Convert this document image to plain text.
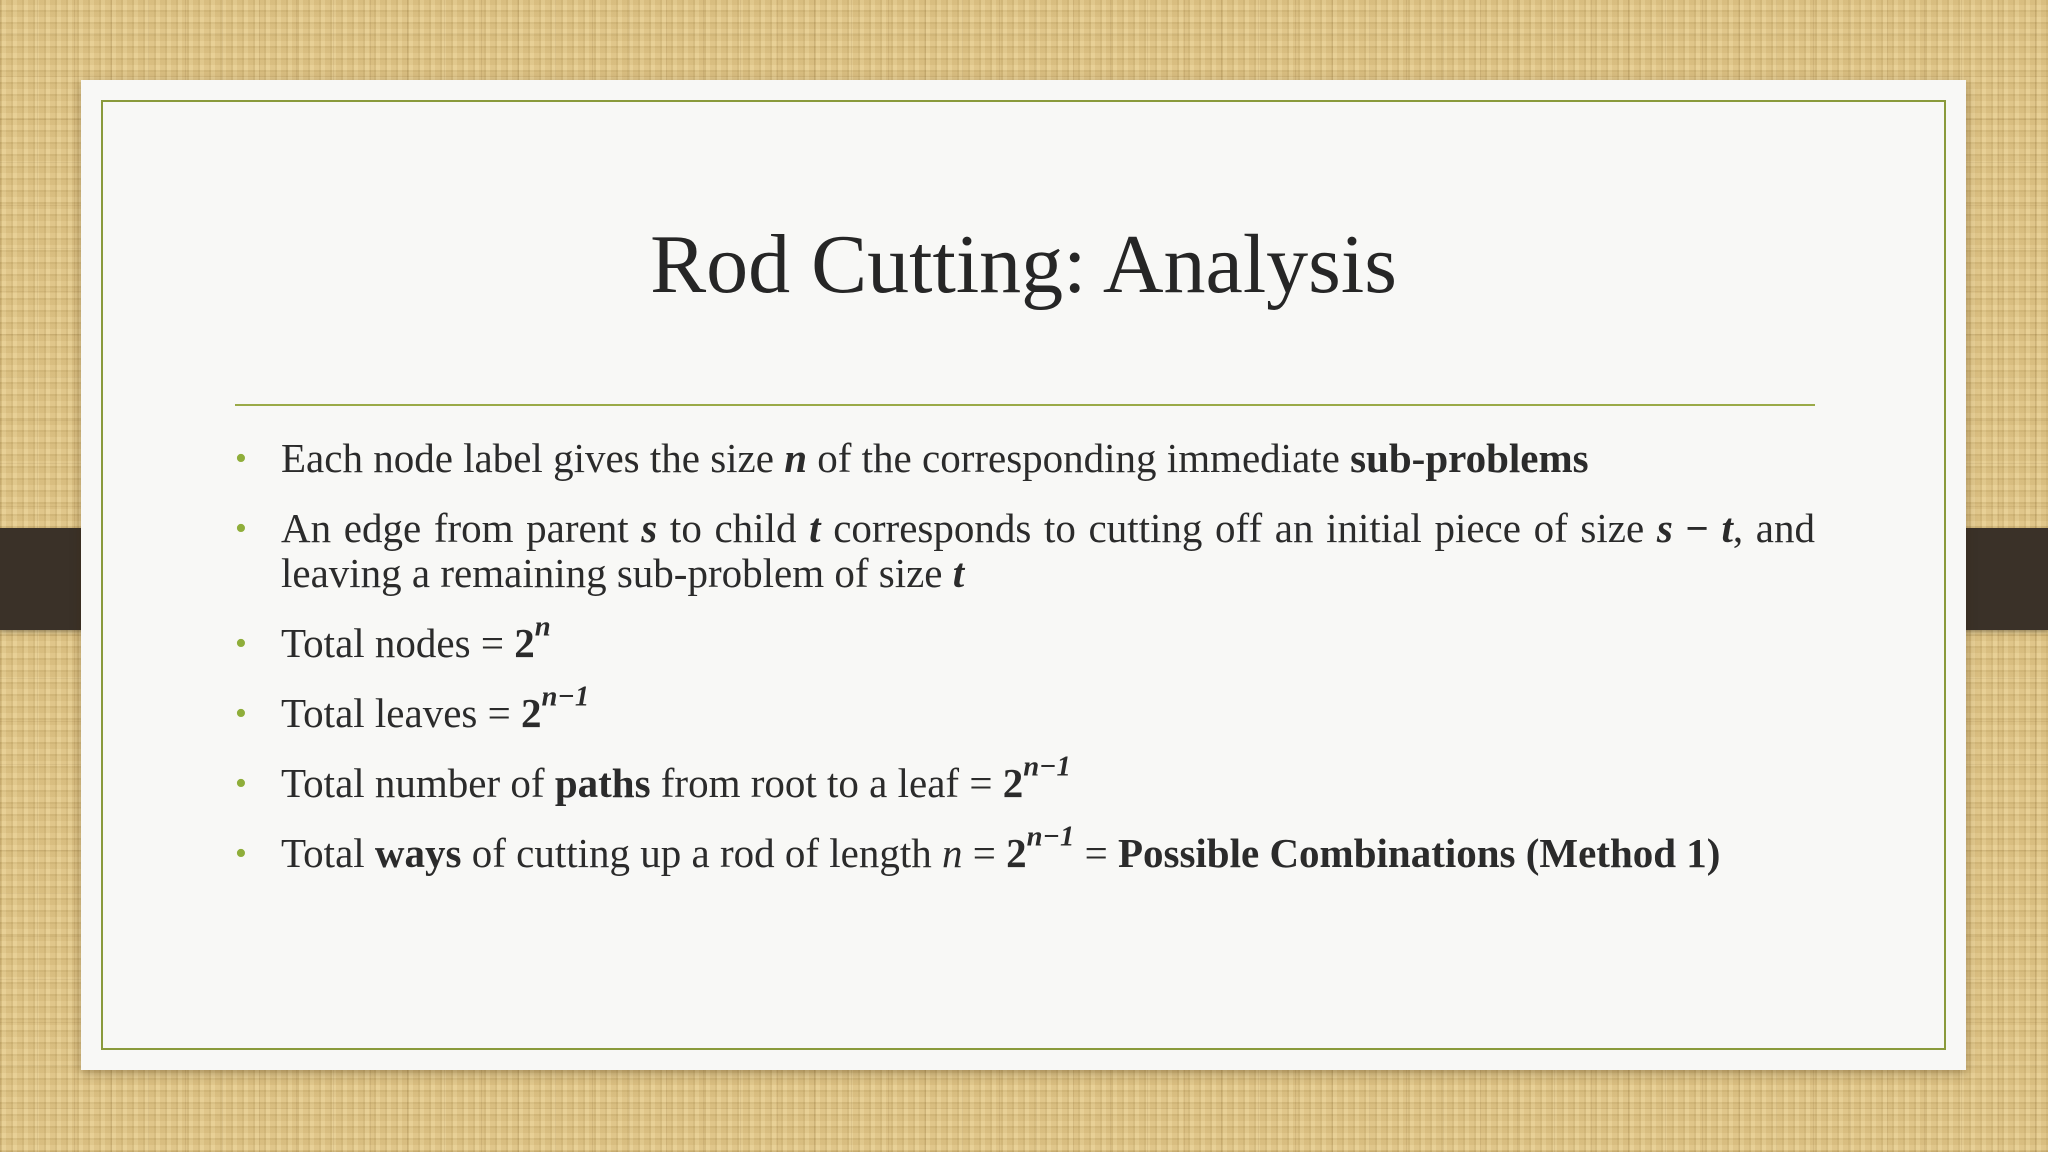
Rod Cutting: Analysis
• Each node label gives the size n of the corresponding immediate sub-problems
• An edge from parent s to child t corresponds to cutting off an initial piece of size s − t, and leaving a remaining sub-problem of size t
• Total nodes = $2^n$
• Total leaves = $2^{n-1}$
• Total number of paths from root to a leaf = $2^{n-1}$
• Total ways of cutting up a rod of length $n = 2^{n-1}$ = Possible Combinations (Method 1)
